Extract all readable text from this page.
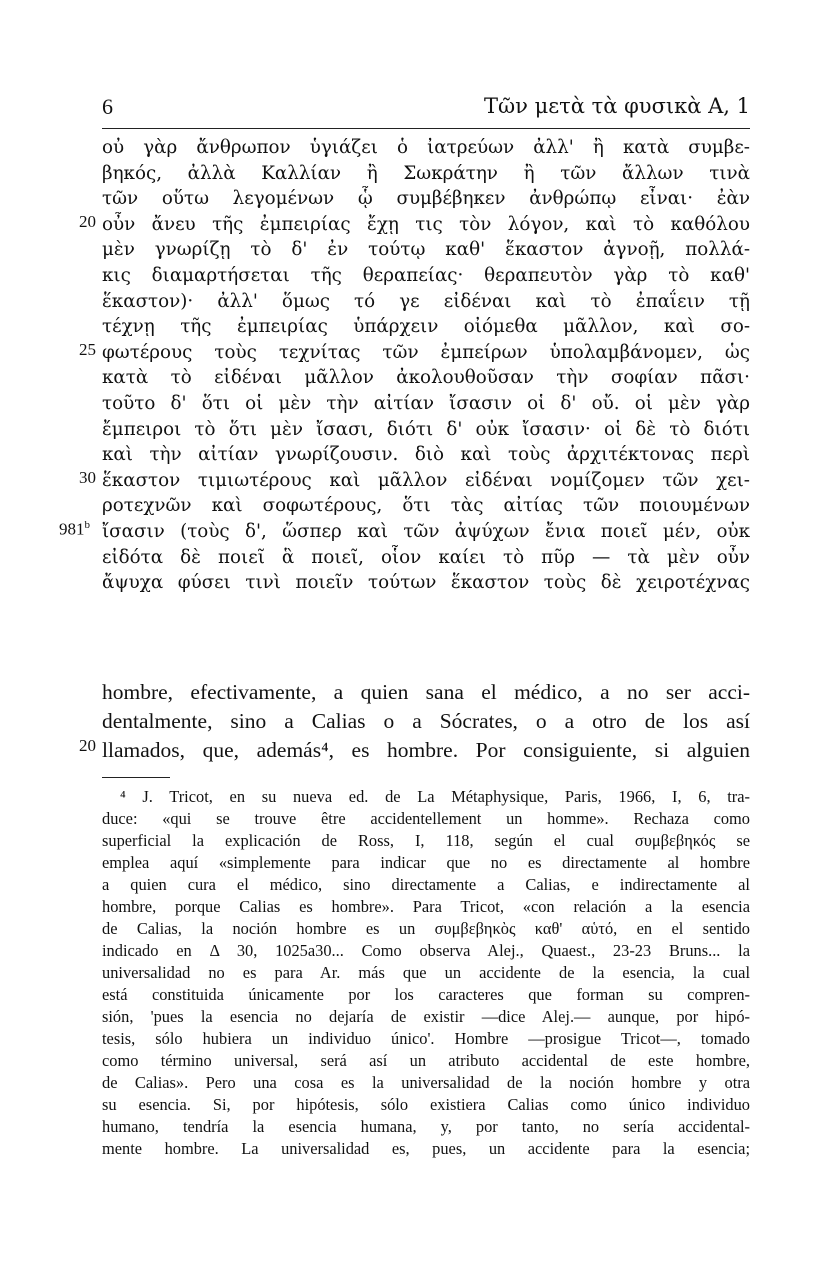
6	Τῶν μετὰ τὰ φυσικὰ A, 1
20
25
30
981$^b$
οὐ γὰρ ἄνθρωπον ὑγιάζει ὁ ἰατρεύων ἀλλ' ἢ κατὰ συμβε-
βηκός, ἀλλὰ Καλλίαν ἢ Σωκράτην ἢ τῶν ἄλλων τινὰ
τῶν οὕτω λεγομένων ᾧ συμβέβηκεν ἀνθρώπῳ εἶναι· ἐὰν
οὖν ἄνευ τῆς ἐμπειρίας ἔχῃ τις τὸν λόγον, καὶ τὸ καθόλου
μὲν γνωρίζῃ τὸ δ' ἐν τούτῳ καθ' ἕκαστον ἀγνοῇ, πολλά-
κις διαμαρτήσεται τῆς θεραπείας· θεραπευτὸν γὰρ τὸ καθ'
ἕκαστον)· ἀλλ' ὅμως τό γε εἰδέναι καὶ τὸ ἐπαΐειν τῇ
τέχνῃ τῆς ἐμπειρίας ὑπάρχειν οἰόμεθα μᾶλλον, καὶ σο-
φωτέρους τοὺς τεχνίτας τῶν ἐμπείρων ὑπολαμβάνομεν, ὡς
κατὰ τὸ εἰδέναι μᾶλλον ἀκολουθοῦσαν τὴν σοφίαν πᾶσι·
τοῦτο δ' ὅτι οἱ μὲν τὴν αἰτίαν ἴσασιν οἱ δ' οὔ. οἱ μὲν γὰρ
ἔμπειροι τὸ ὅτι μὲν ἴσασι, διότι δ' οὐκ ἴσασιν· οἱ δὲ τὸ διότι
καὶ τὴν αἰτίαν γνωρίζουσιν. διὸ καὶ τοὺς ἀρχιτέκτονας περὶ
ἕκαστον τιμιωτέρους καὶ μᾶλλον εἰδέναι νομίζομεν τῶν χει-
ροτεχνῶν καὶ σοφωτέρους, ὅτι τὰς αἰτίας τῶν ποιουμένων
ἴσασιν (τοὺς δ', ὥσπερ καὶ τῶν ἀψύχων ἔνια ποιεῖ μέν, οὐκ
εἰδότα δὲ ποιεῖ ἃ ποιεῖ, οἷον καίει τὸ πῦρ — τὰ μὲν οὖν
ἄψυχα φύσει τινὶ ποιεῖν τούτων ἕκαστον τοὺς δὲ χειροτέχνας
20
hombre, efectivamente, a quien sana el médico, a no ser acci-
dentalmente, sino a Calias o a Sócrates, o a otro de los así
llamados, que, además⁴, es hombre. Por consiguiente, si alguien
⁴ J. Tricot, en su nueva ed. de La Métaphysique, Paris, 1966, I, 6, tra-
duce: «qui se trouve être accidentellement un homme». Rechaza como
superficial la explicación de Ross, I, 118, según el cual συμβεβηκός se
emplea aquí «simplemente para indicar que no es directamente al hombre
a quien cura el médico, sino directamente a Calias, e indirectamente al
hombre, porque Calias es hombre». Para Tricot, «con relación a la esencia
de Calias, la noción hombre es un συμβεβηκὸς καθ' αὑτό, en el sentido
indicado en Δ 30, 1025a30... Como observa Alej., Quaest., 23-23 Bruns... la
universalidad no es para Ar. más que un accidente de la esencia, la cual
está constituida únicamente por los caracteres que forman su compren-
sión, 'pues la esencia no dejaría de existir —dice Alej.— aunque, por hipó-
tesis, sólo hubiera un individuo único'. Hombre —prosigue Tricot—, tomado
como término universal, será así un atributo accidental de este hombre,
de Calias». Pero una cosa es la universalidad de la noción hombre y otra
su esencia. Si, por hipótesis, sólo existiera Calias como único individuo
humano, tendría la esencia humana, y, por tanto, no sería accidental-
mente hombre. La universalidad es, pues, un accidente para la esencia;
